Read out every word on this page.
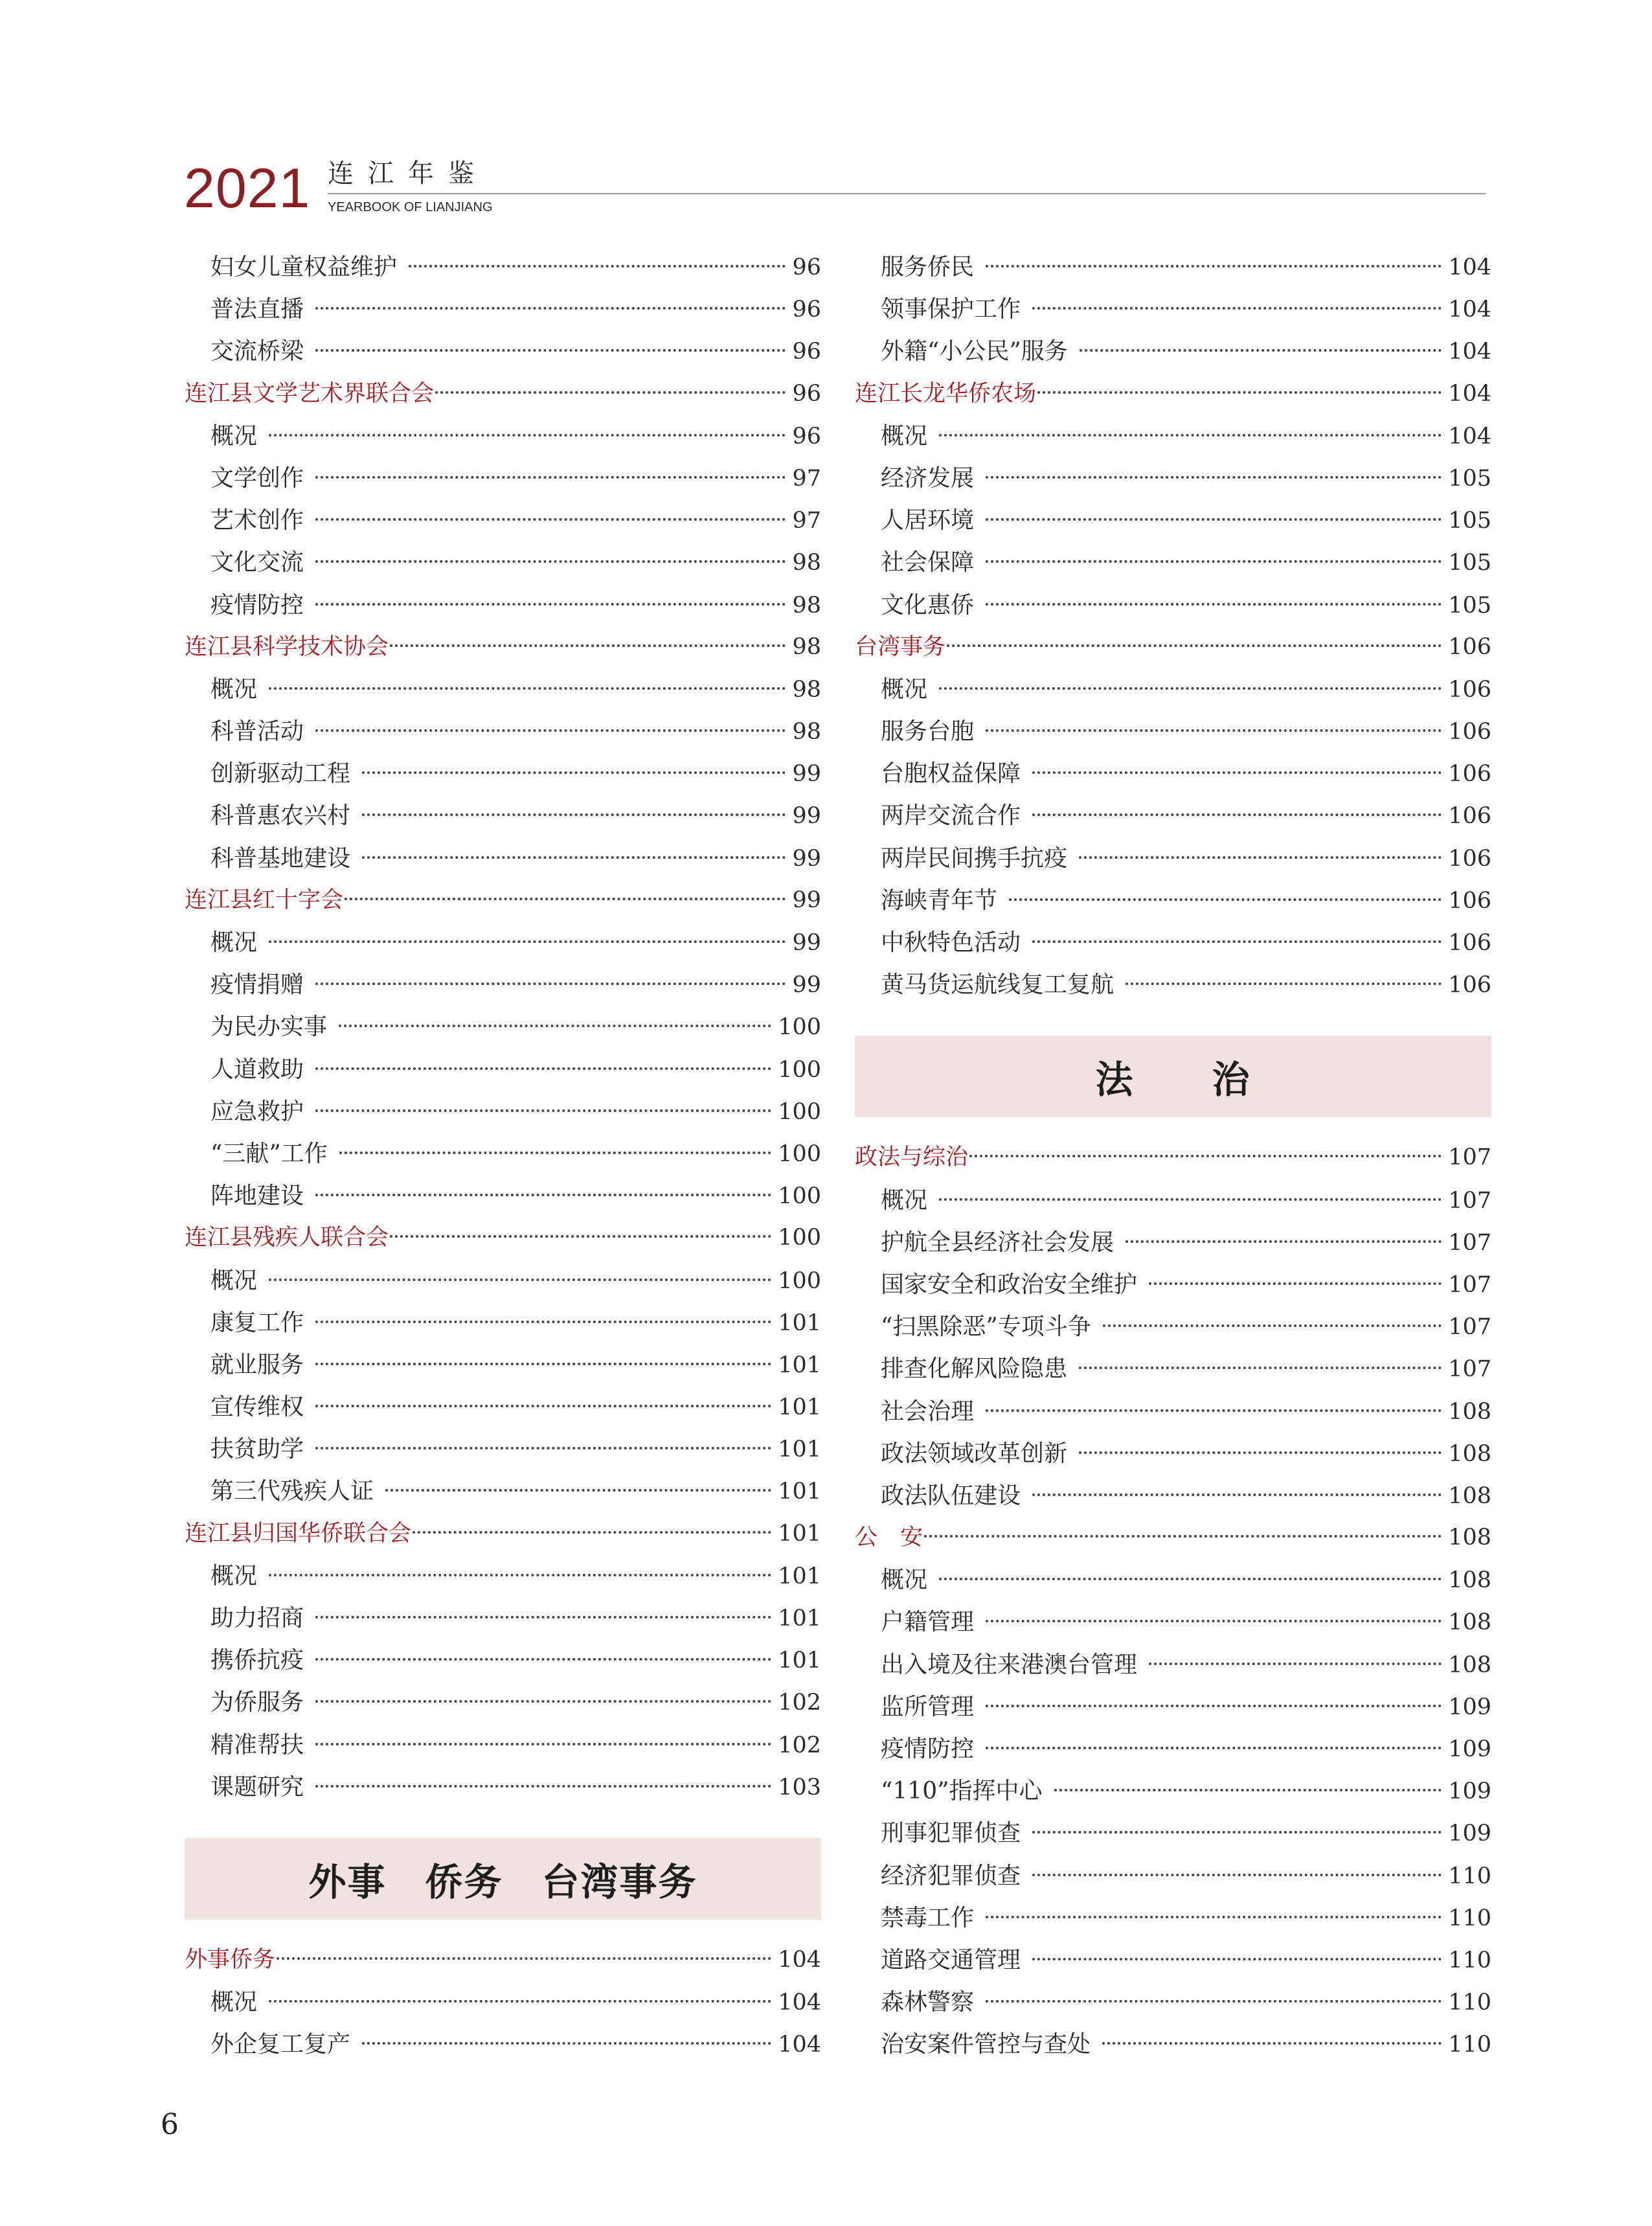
2021 连江年鉴
YEARBOOK OF LIANJIANG
妇女儿童权益维护	96
普法直播	96
交流桥梁	96
连江县文学艺术界联合会	96
概况	96
文学创作	97
艺术创作	97
文化交流	98
疫情防控	98
连江县科学技术协会	98
概况	98
科普活动	98
创新驱动工程	99
科普惠农兴村	99
科普基地建设	99
连江县红十字会	99
概况	99
疫情捐赠	99
为民办实事	100
人道救助	100
应急救护	100
“三献”工作	100
阵地建设	100
连江县残疾人联合会	100
概况	100
康复工作	101
就业服务	101
宣传维权	101
扶贫助学	101
第三代残疾人证	101
连江县归国华侨联合会	101
概况	101
助力招商	101
携侨抗疫	101
为侨服务	102
精准帮扶	102
课题研究	103
外事　侨务　台湾事务
外事侨务	104
概况	104
外企复工复产	104
服务侨民	104
领事保护工作	104
外籍“小公民”服务	104
连江长龙华侨农场	104
概况	104
经济发展	105
人居环境	105
社会保障	105
文化惠侨	105
台湾事务	106
概况	106
服务台胞	106
台胞权益保障	106
两岸交流合作	106
两岸民间携手抗疫	106
海峡青年节	106
中秋特色活动	106
黄马货运航线复工复航	106
法　　治
政法与综治	107
概况	107
护航全县经济社会发展	107
国家安全和政治安全维护	107
“扫黑除恶”专项斗争	107
排查化解风险隐患	107
社会治理	108
政法领域改革创新	108
政法队伍建设	108
公　安	108
概况	108
户籍管理	108
出入境及往来港澳台管理	108
监所管理	109
疫情防控	109
“110”指挥中心	109
刑事犯罪侦查	109
经济犯罪侦查	110
禁毒工作	110
道路交通管理	110
森林警察	110
治安案件管控与查处	110
6
